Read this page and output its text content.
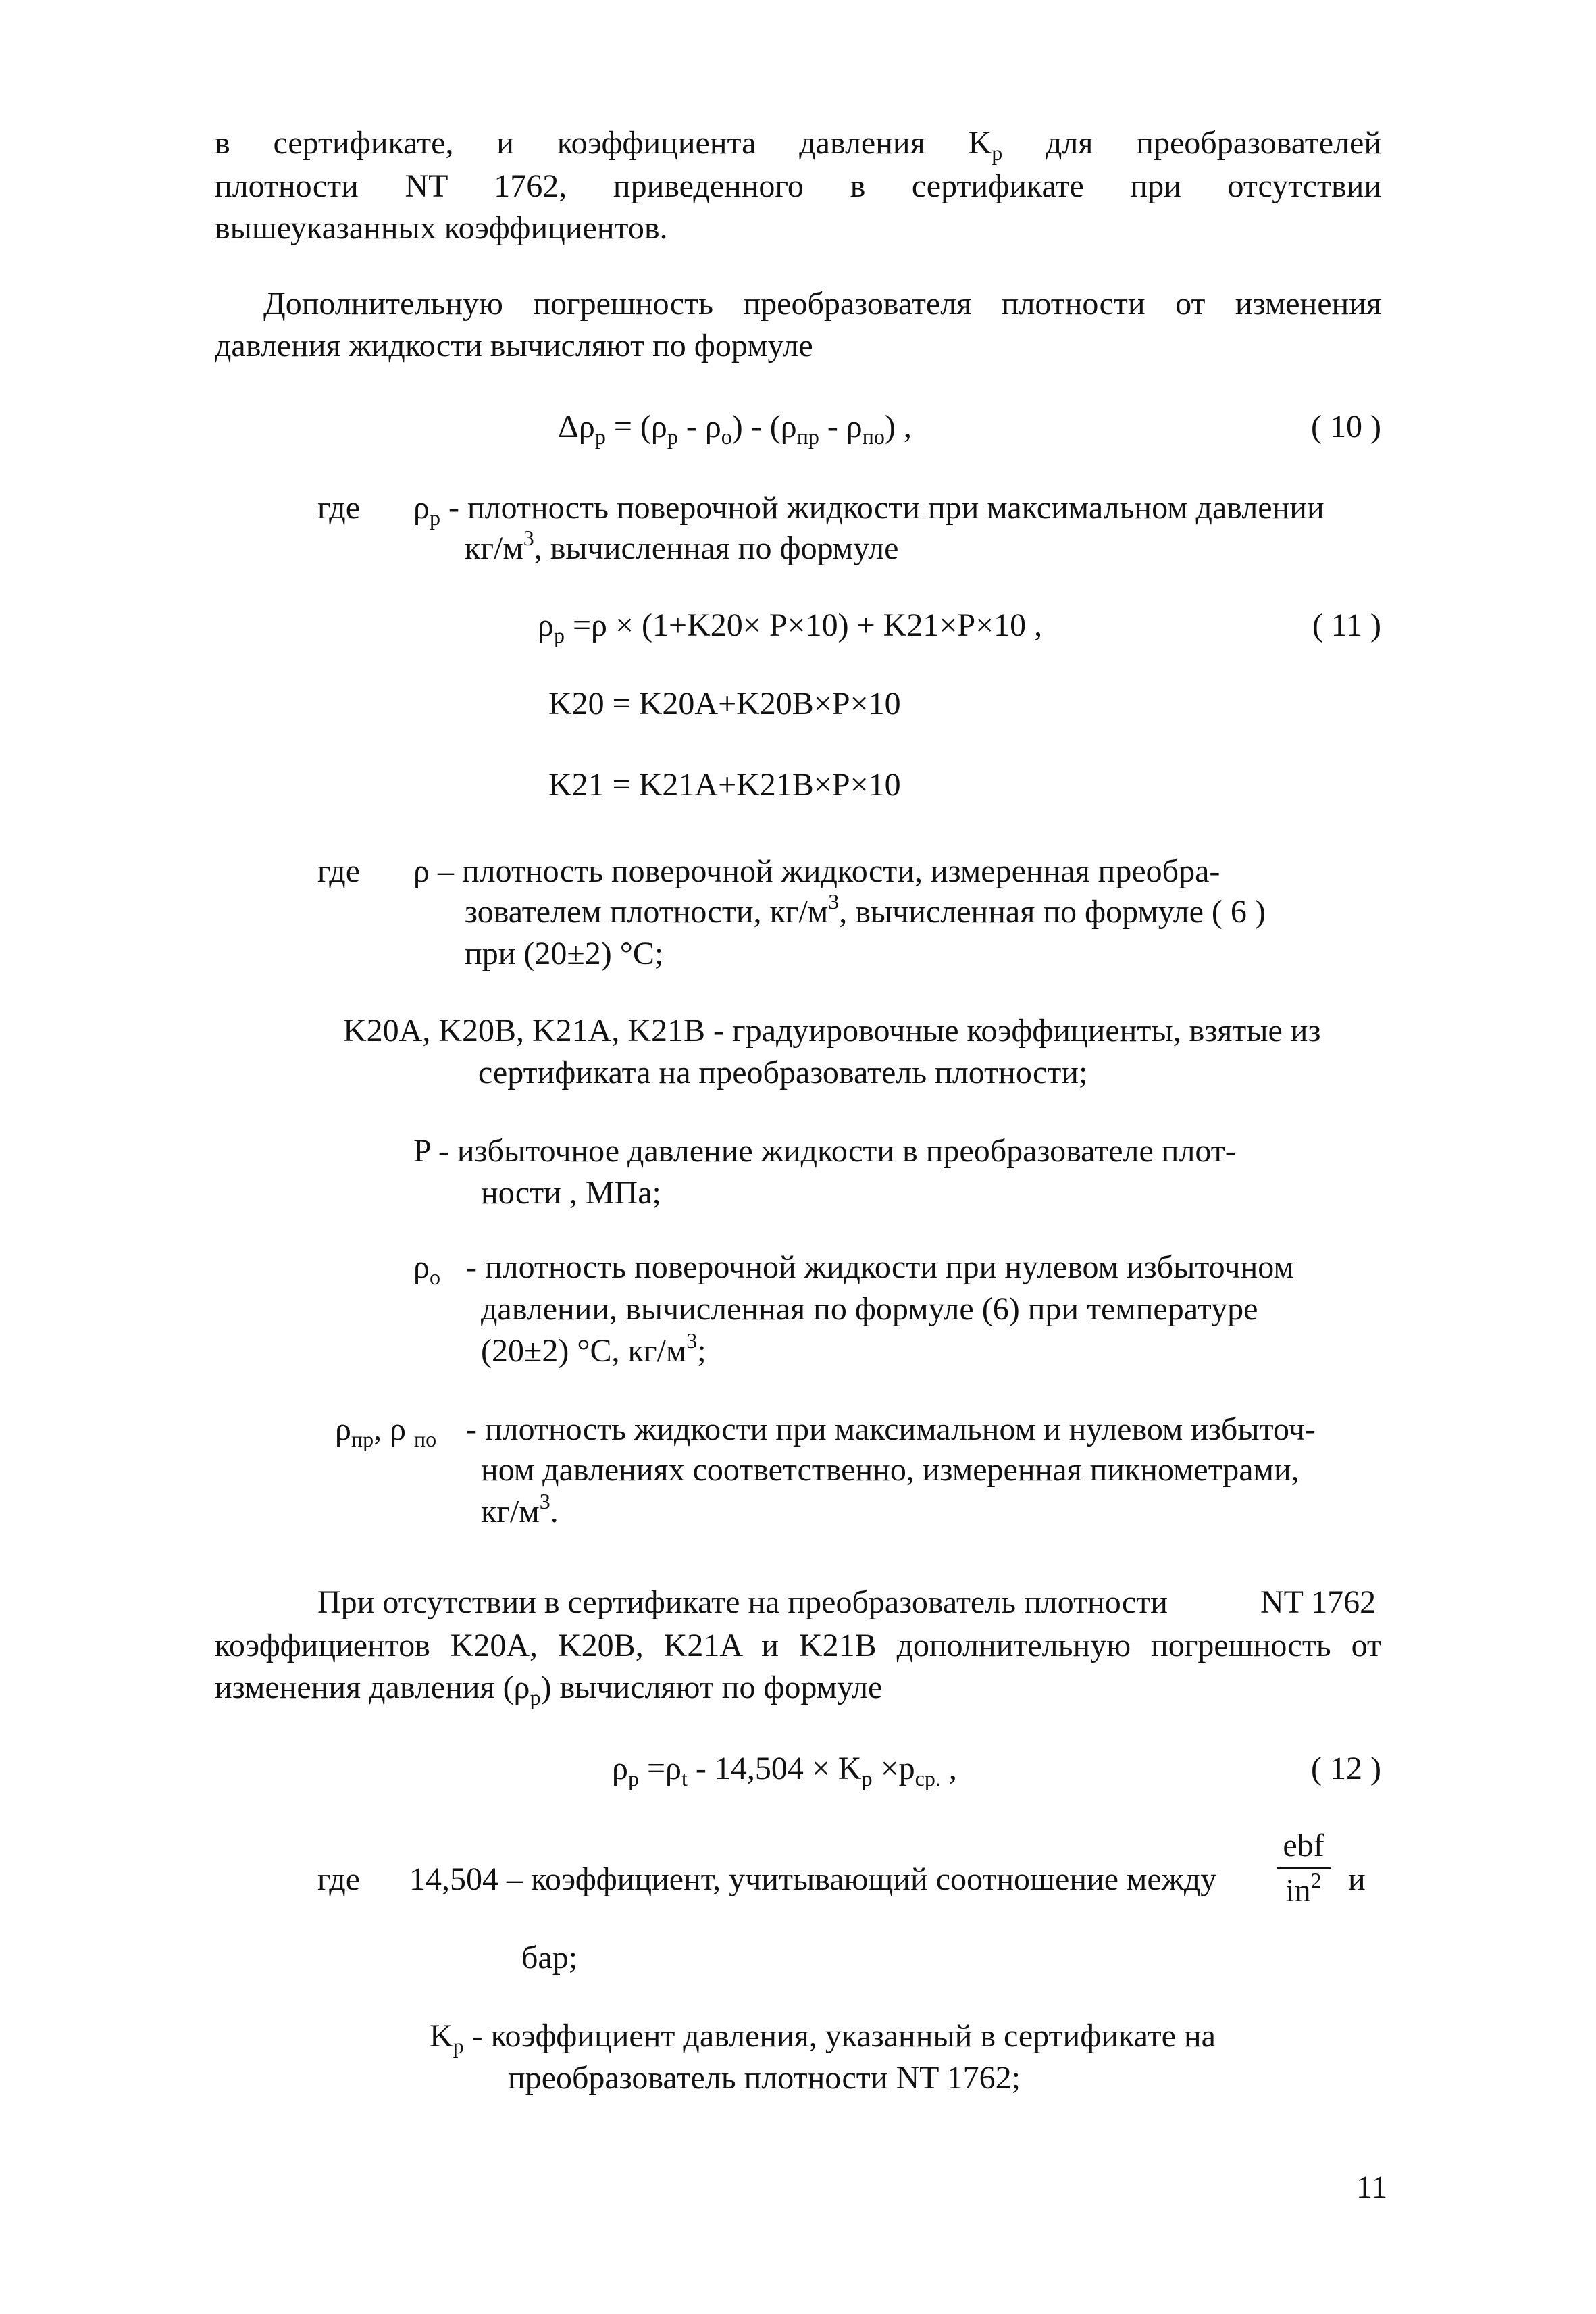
в сертификате, и коэффициента давления $K_р$ для преобразователей
плотности NT 1762, приведенного в сертификате при отсутствии
вышеуказанных коэффициентов.
Дополнительную погрешность преобразователя плотности от изменения
давления жидкости вычисляют по формуле
$\Delta\rho_р = (\rho_р - \rho_о) - (\rho_{пр} - \rho_{по})$ ,	( 10 )
где $\rho_р$ - плотность поверочной жидкости при максимальном давлении
$кг/м^3$, вычисленная по формуле
$\rho_р =\rho \times (1+K20\times P\times 10) + K21\times P\times 10$ ,	( 11 )
K20 = K20A+K20B×P×10
K21 = K21A+K21B×P×10
где ρ – плотность поверочной жидкости, измеренная преобра-
зователем плотности, $кг/м^3$, вычисленная по формуле ( 6 )
при (20±2) °С;
K20A, K20B, K21A, K21B - градуировочные коэффициенты, взятые из
сертификата на преобразователь плотности;
P - избыточное давление жидкости в преобразователе плот-
ности , МПа;
$\rho_о$ - плотность поверочной жидкости при нулевом избыточном
давлении, вычисленная по формуле (6) при температуре
(20±2) °С, $кг/м^3$;
$\rho_{пр}$, ρ $_{по}$ - плотность жидкости при максимальном и нулевом избыточ-
ном давлениях соответственно, измеренная пикнометрами,
$кг/м^3$.
При отсутствии в сертификате на преобразователь плотности	NT 1762
коэффициентов K20A, K20B, K21A и K21B дополнительную погрешность от
изменения давления $(\rho_р)$ вычисляют по формуле
$\rho_р =\rho_t - 14,504 \times K_р \times p_{ср.}$ ,	( 12 )
где 14,504 – коэффициент, учитывающий соотношение между
ebf
$in^2$ и
бар;
$K_р$ - коэффициент давления, указанный в сертификате на
преобразователь плотности NT 1762;
11
